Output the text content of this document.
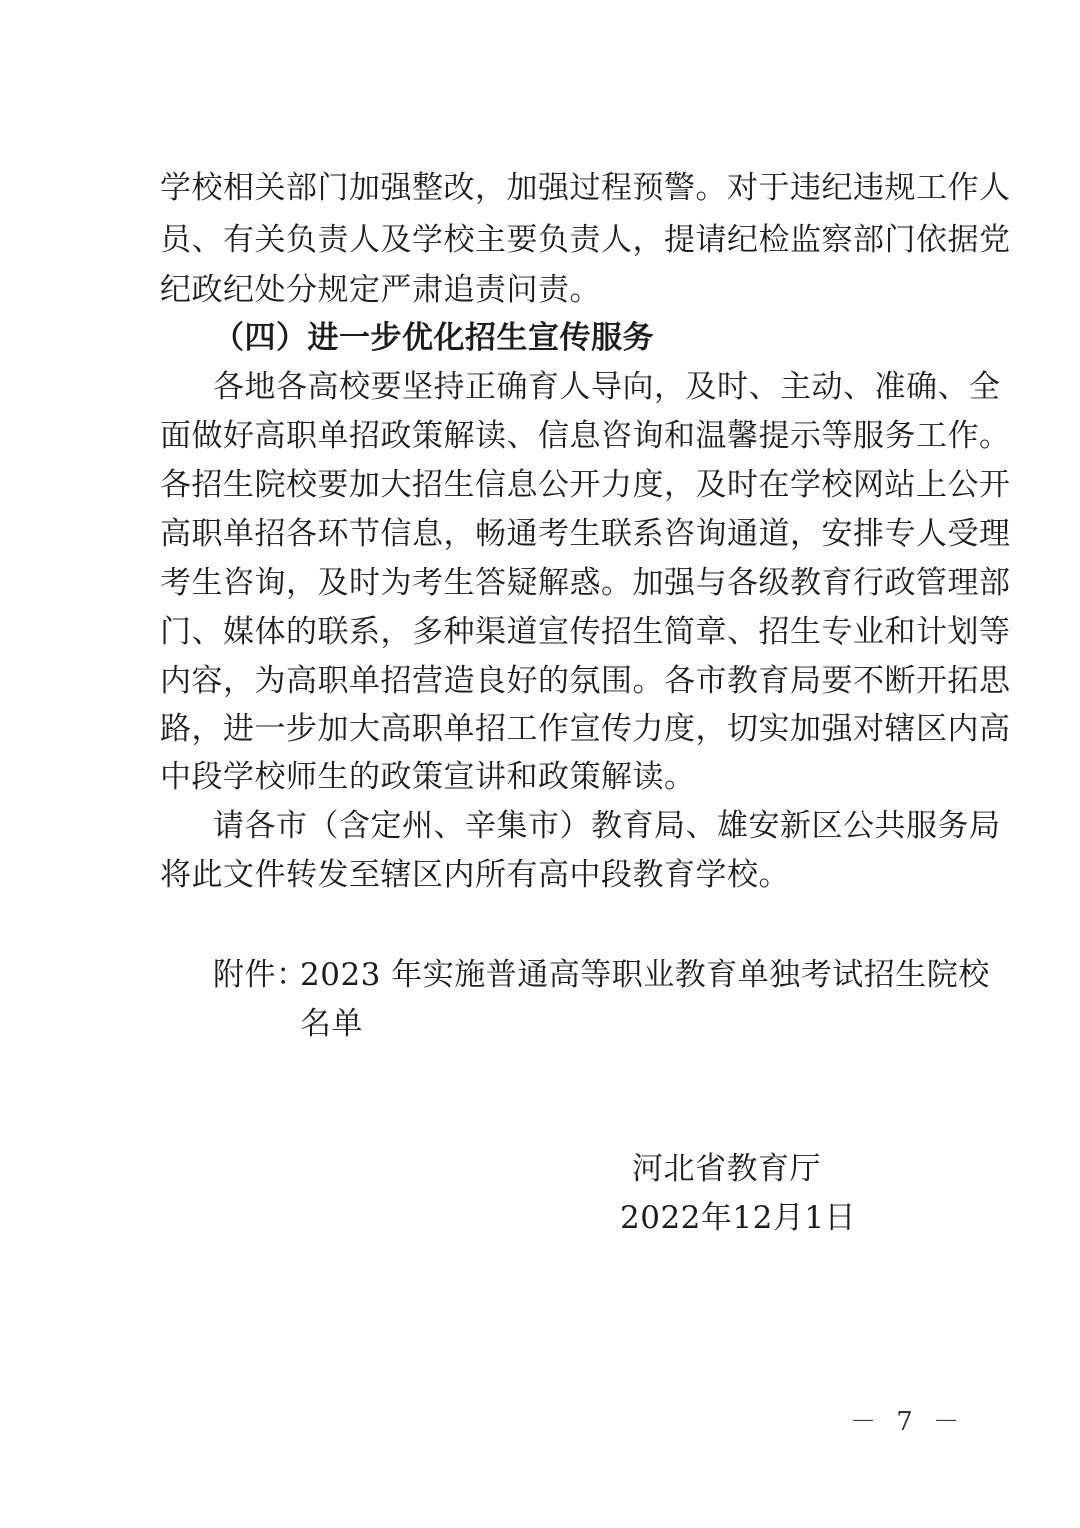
学校相关部门加强整改，加强过程预警。对于违纪违规工作人
员、有关负责人及学校主要负责人，提请纪检监察部门依据党
纪政纪处分规定严肃追责问责。
（四）进一步优化招生宣传服务
各地各高校要坚持正确育人导向，及时、主动、准确、全
面做好高职单招政策解读、信息咨询和温馨提示等服务工作。
各招生院校要加大招生信息公开力度，及时在学校网站上公开
高职单招各环节信息，畅通考生联系咨询通道，安排专人受理
考生咨询，及时为考生答疑解惑。加强与各级教育行政管理部
门、媒体的联系，多种渠道宣传招生简章、招生专业和计划等
内容，为高职单招营造良好的氛围。各市教育局要不断开拓思
路，进一步加大高职单招工作宣传力度，切实加强对辖区内高
中段学校师生的政策宣讲和政策解读。
请各市（含定州、辛集市）教育局、雄安新区公共服务局
将此文件转发至辖区内所有高中段教育学校。
附件：
2023 年实施普通高等职业教育单独考试招生院校
名单
河北省教育厅
2022年12月1日
－ 7 －
